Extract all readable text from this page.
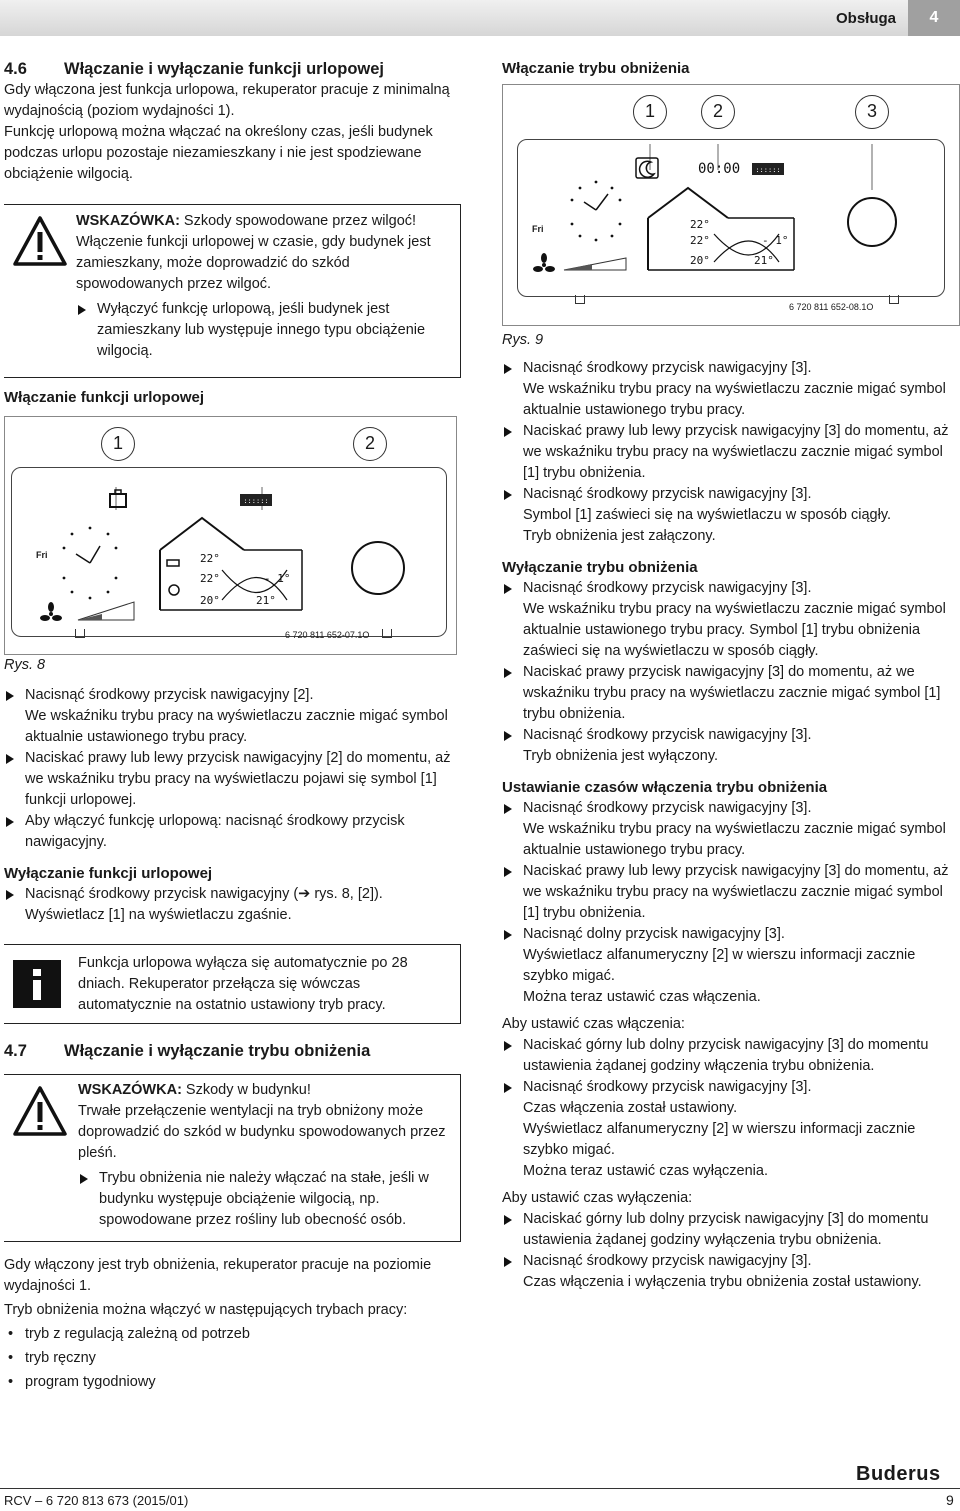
Obsługa	4
4.6 Włączanie i wyłączanie funkcji urlopowej

Gdy włączona jest funkcja urlopowa, rekuperator pracuje z minimalną wydajnością (poziom wydajności 1).

Funkcję urlopową można włączać na określony czas, jeśli budynek podczas urlopu pozostaje niezamieszkany i nie jest spodziewane obciążenie wilgocią.

WSKAZÓWKA: Szkody spowodowane przez wilgoć!

Włączenie funkcji urlopowej w czasie, gdy budynek jest zamieszkany, może doprowadzić do szkód spowodowanych przez wilgoć.

Wyłączyć funkcję urlopową, jeśli budynek jest zamieszkany lub występuje innego typu obciążenie wilgocią.

Włączanie funkcji urlopowej
1	2
::::::
22°
22°
20°	21°
- 1°
Fri
6 720 811 652-07.1O
Rys. 8

Nacisnąć środkowy przycisk nawigacyjny [2].

We wskaźniku trybu pracy na wyświetlaczu zacznie migać symbol aktualnie ustawionego trybu pracy.

Naciskać prawy lub lewy przycisk nawigacyjny [2] do momentu, aż we wskaźniku trybu pracy na wyświetlaczu pojawi się symbol [1] funkcji urlopowej.

Aby włączyć funkcję urlopową: nacisnąć środkowy przycisk nawigacyjny.

Wyłączanie funkcji urlopowej

Nacisnąć środkowy przycisk nawigacyjny (➔ rys. 8, [2]).

Wyświetlacz [1] na wyświetlaczu zgaśnie.

Funkcja urlopowa wyłącza się automatycznie po 28 dniach. Rekuperator przełącza się wówczas automatycznie na ostatnio ustawiony tryb pracy.

4.7 Włączanie i wyłączanie trybu obniżenia

WSKAZÓWKA: Szkody w budynku!

Trwałe przełączenie wentylacji na tryb obniżony może doprowadzić do szkód w budynku spowodowanych przez pleśń.

Trybu obniżenia nie należy włączać na stałe, jeśli w budynku występuje obciążenie wilgocią, np. spowodowane przez rośliny lub obecność osób.

Gdy włączony jest tryb obniżenia, rekuperator pracuje na poziomie wydajności 1.

Tryb obniżenia można włączyć w następujących trybach pracy:

• tryb z regulacją zależną od potrzeb

• tryb ręczny

• program tygodniowy

Włączanie trybu obniżenia
1	2	3
00:00 ::::::
22°
22°
20°	21°
- 1°
Fri
6 720 811 652-08.1O
Rys. 9

Nacisnąć środkowy przycisk nawigacyjny [3].

We wskaźniku trybu pracy na wyświetlaczu zacznie migać symbol aktualnie ustawionego trybu pracy.

Naciskać prawy lub lewy przycisk nawigacyjny [3] do momentu, aż we wskaźniku trybu pracy na wyświetlaczu zacznie migać symbol [1] trybu obniżenia.

Nacisnąć środkowy przycisk nawigacyjny [3].

Symbol [1] zaświeci się na wyświetlaczu w sposób ciągły.

Tryb obniżenia jest załączony.

Wyłączanie trybu obniżenia

Nacisnąć środkowy przycisk nawigacyjny [3].

We wskaźniku trybu pracy na wyświetlaczu zacznie migać symbol aktualnie ustawionego trybu pracy. Symbol [1] trybu obniżenia zaświeci się na wyświetlaczu w sposób ciągły.

Naciskać prawy przycisk nawigacyjny [3] do momentu, aż we wskaźniku trybu pracy na wyświetlaczu zacznie migać symbol [1] trybu obniżenia.

Nacisnąć środkowy przycisk nawigacyjny [3].

Tryb obniżenia jest wyłączony.

Ustawianie czasów włączenia trybu obniżenia

Nacisnąć środkowy przycisk nawigacyjny [3].

We wskaźniku trybu pracy na wyświetlaczu zacznie migać symbol aktualnie ustawionego trybu pracy.

Naciskać prawy lub lewy przycisk nawigacyjny [3] do momentu, aż we wskaźniku trybu pracy na wyświetlaczu zacznie migać symbol [1] trybu obniżenia.

Nacisnąć dolny przycisk nawigacyjny [3].

Wyświetlacz alfanumeryczny [2] w wierszu informacji zacznie szybko migać.

Można teraz ustawić czas włączenia.

Aby ustawić czas włączenia:

Naciskać górny lub dolny przycisk nawigacyjny [3] do momentu ustawienia żądanej godziny włączenia trybu obniżenia.

Nacisnąć środkowy przycisk nawigacyjny [3].

Czas włączenia został ustawiony.

Wyświetlacz alfanumeryczny [2] w wierszu informacji zacznie szybko migać.

Można teraz ustawić czas wyłączenia.

Aby ustawić czas wyłączenia:

Naciskać górny lub dolny przycisk nawigacyjny [3] do momentu ustawienia żądanej godziny wyłączenia trybu obniżenia.

Nacisnąć środkowy przycisk nawigacyjny [3].

Czas włączenia i wyłączenia trybu obniżenia został ustawiony.

RCV – 6 720 813 673 (2015/01)
Buderus
9
